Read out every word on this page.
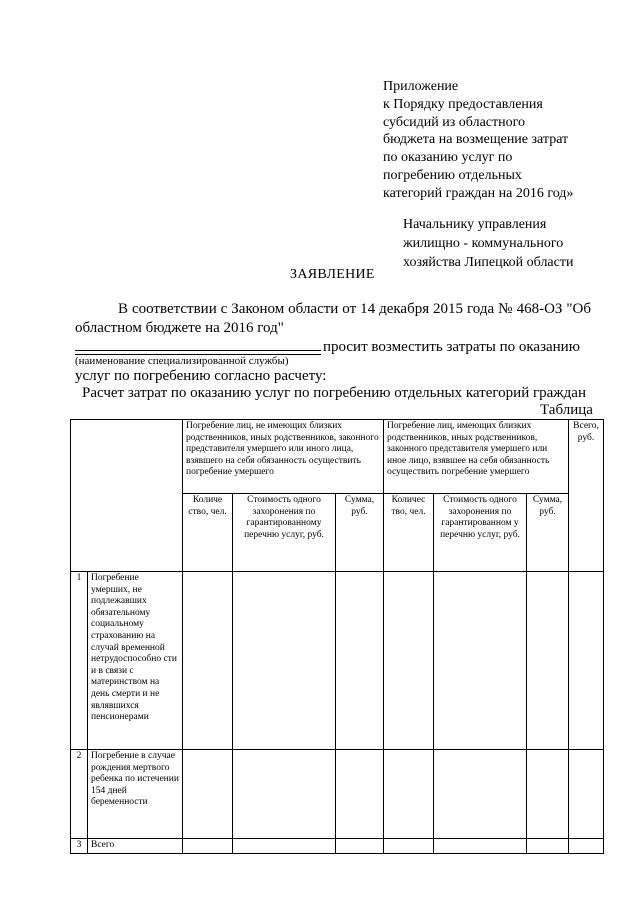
Приложение
к Порядку предоставления
субсидий из областного
бюджета на возмещение затрат
по оказанию услуг по
погребению отдельных
категорий граждан на 2016 год»
Начальнику управления
жилищно - коммунального
хозяйства Липецкой области
ЗАЯВЛЕНИЕ
В соответствии с Законом области от 14 декабря 2015 года № 468-ОЗ "Об
областном бюджете на 2016 год"
просит возместить затраты по оказанию
(наименование специализированной службы)
услуг по погребению согласно расчету:
Расчет затрат по оказанию услуг по погребению отдельных категорий граждан
Таблица
		Погребение лиц, не имеющих близких родственников, иных родственников, законного представителя умершего или иного лица, взявшего на себя обязанность осуществить погребение умершего			Погребение лиц, имеющих близких родственников, иных родственников, законного представителя умершего или иное лицо, взявшее на себя обязанность осуществить погребение умершего			Всего, руб.
		Количе ство, чел.	Стоимость одного захоронения по гарантированному перечню услуг, руб.	Сумма, руб.	Количес тво, чел.	Стоимость одного захоронения по гарантированном у перечню услуг, руб.	Сумма, руб.	
1	Погребение умерших, не подлежавших обязательному социальному страхованию на случай временной нетрудоспособно сти и в связи с материнством на день смерти и не являвшихся пенсионерами							
2	Погребение в случае рождения мертвого ребенка по истечении 154 дней беременности							
3	Всего							
